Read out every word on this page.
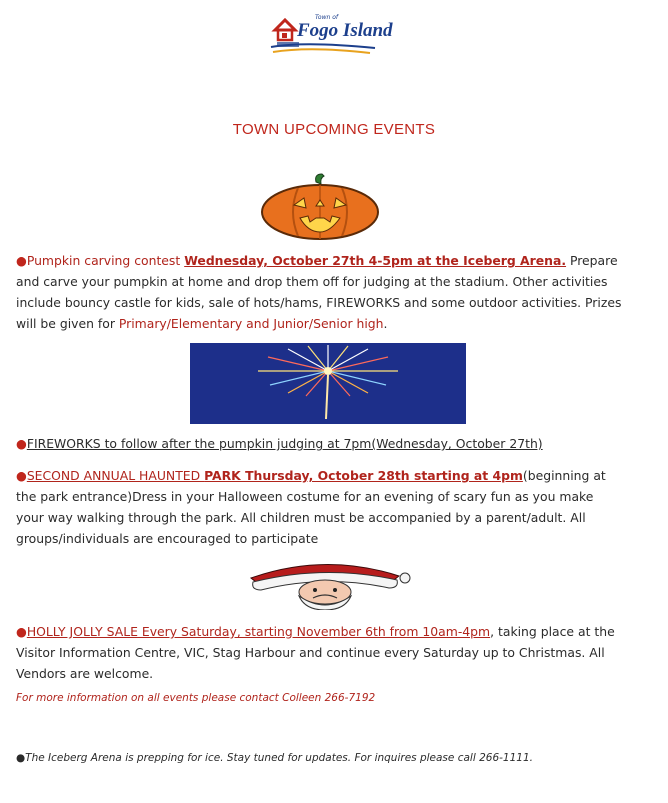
Town of
Fogo Island
TOWN UPCOMING EVENTS
●Pumpkin carving contest Wednesday, October 27th 4-5pm at the Iceberg Arena. Prepare and carve your pumpkin at home and drop them off for judging at the stadium. Other activities include bouncy castle for kids, sale of hots/hams, FIREWORKS and some outdoor activities. Prizes will be given for Primary/Elementary and Junior/Senior high.
●FIREWORKS to follow after the pumpkin judging at 7pm(Wednesday, October 27th)
●SECOND ANNUAL HAUNTED PARK Thursday, October 28th starting at 4pm(beginning at the park entrance)Dress in your Halloween costume for an evening of scary fun as you make your way walking through the park. All children must be accompanied by a parent/adult. All groups/individuals are encouraged to participate
●HOLLY JOLLY SALE Every Saturday, starting November 6th from 10am-4pm, taking place at the Visitor Information Centre, VIC, Stag Harbour and continue every Saturday up to Christmas. All Vendors are welcome.
For more information on all events please contact Colleen 266-7192
●The Iceberg Arena is prepping for ice. Stay tuned for updates. For inquires please call 266-1111.
